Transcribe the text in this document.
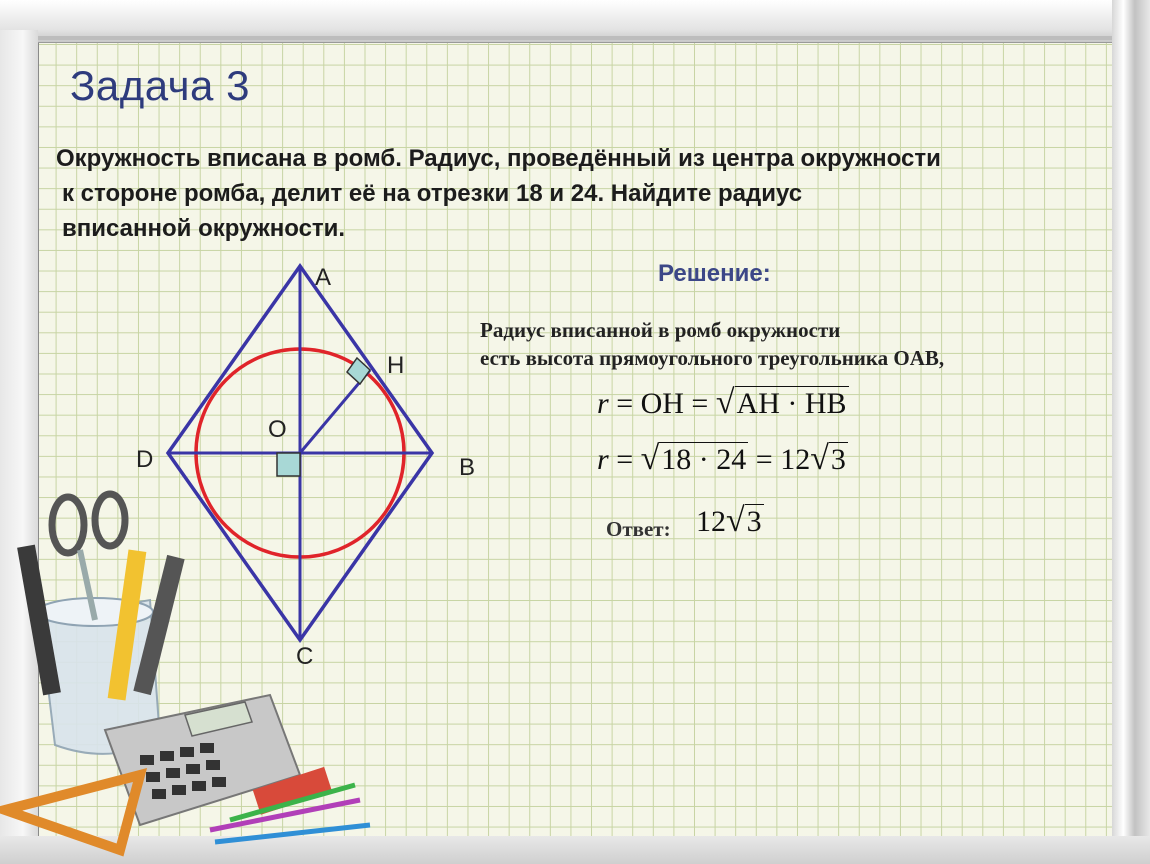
Задача 3
Окружность вписана в ромб. Радиус, проведённый из центра окружности
к стороне ромба, делит её на отрезки 18 и 24. Найдите радиус
вписанной окружности.
A
H
O
D	B
C
Решение:
Радиус вписанной в ромб окружности
есть высота прямоугольного треугольника OAB,
r = OH = √AH · HB
r = √18 · 24 = 12√3
Ответ: 12√3
